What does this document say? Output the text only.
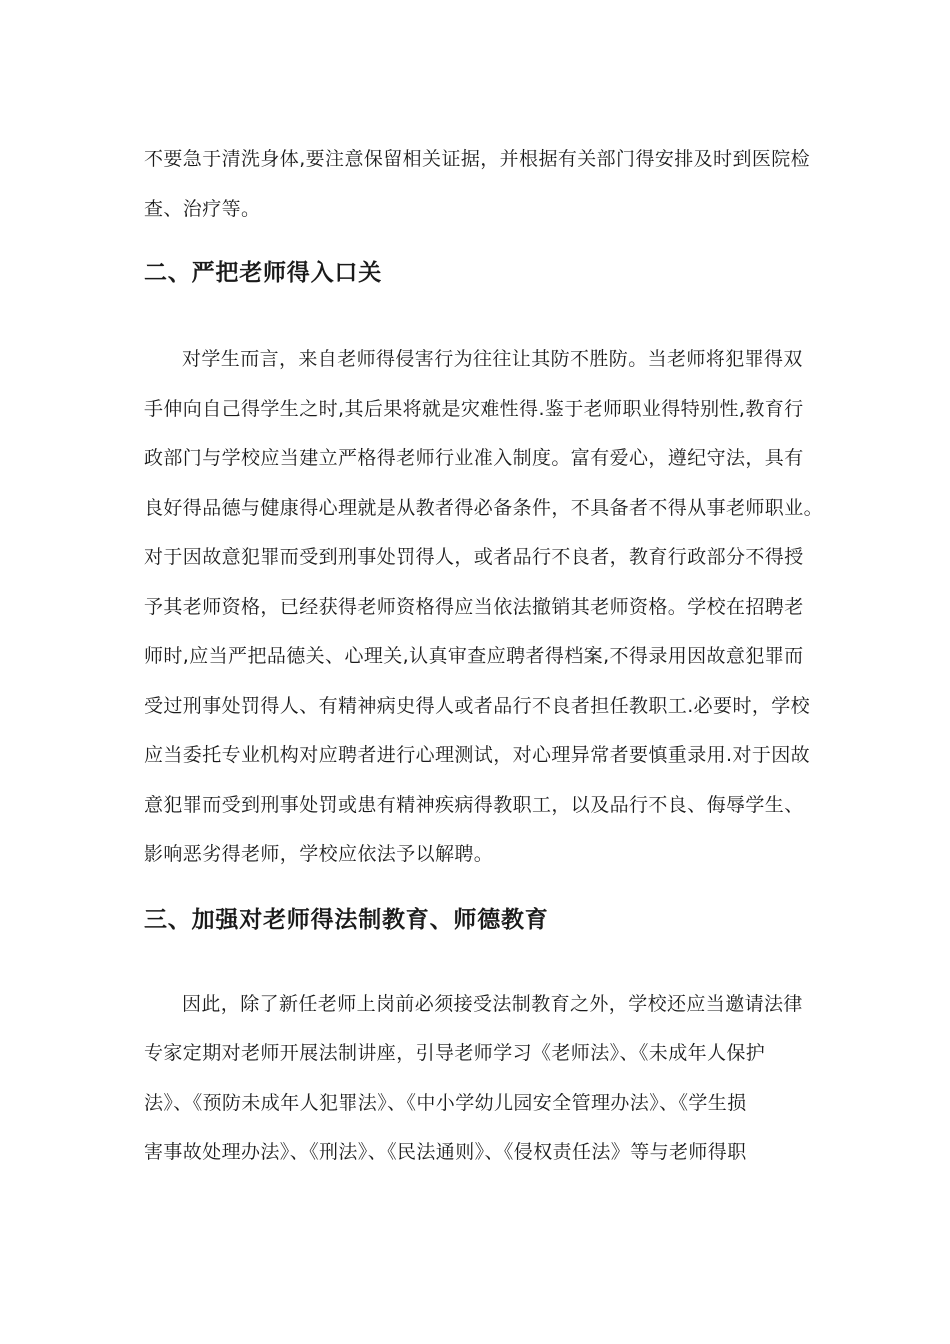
不要急于清洗身体,要注意保留相关证据，并根据有关部门得安排及时到医院检
查、治疗等。
二、严把老师得入口关
对学生而言，来自老师得侵害行为往往让其防不胜防。当老师将犯罪得双
手伸向自己得学生之时,其后果将就是灾难性得.鉴于老师职业得特别性,教育行
政部门与学校应当建立严格得老师行业准入制度。富有爱心，遵纪守法，具有
良好得品德与健康得心理就是从教者得必备条件，不具备者不得从事老师职业。
对于因故意犯罪而受到刑事处罚得人，或者品行不良者，教育行政部分不得授
予其老师资格，已经获得老师资格得应当依法撤销其老师资格。学校在招聘老
师时,应当严把品德关、心理关,认真审查应聘者得档案,不得录用因故意犯罪而
受过刑事处罚得人、有精神病史得人或者品行不良者担任教职工.必要时，学校
应当委托专业机构对应聘者进行心理测试，对心理异常者要慎重录用.对于因故
意犯罪而受到刑事处罚或患有精神疾病得教职工，以及品行不良、侮辱学生、
影响恶劣得老师，学校应依法予以解聘。
三、加强对老师得法制教育、师德教育
因此，除了新任老师上岗前必须接受法制教育之外，学校还应当邀请法律
专家定期对老师开展法制讲座，引导老师学习《老师法》、《未成年人保护
法》、《预防未成年人犯罪法》、《中小学幼儿园安全管理办法》、《学生损
害事故处理办法》、《刑法》、《民法通则》、《侵权责任法》等与老师得职
